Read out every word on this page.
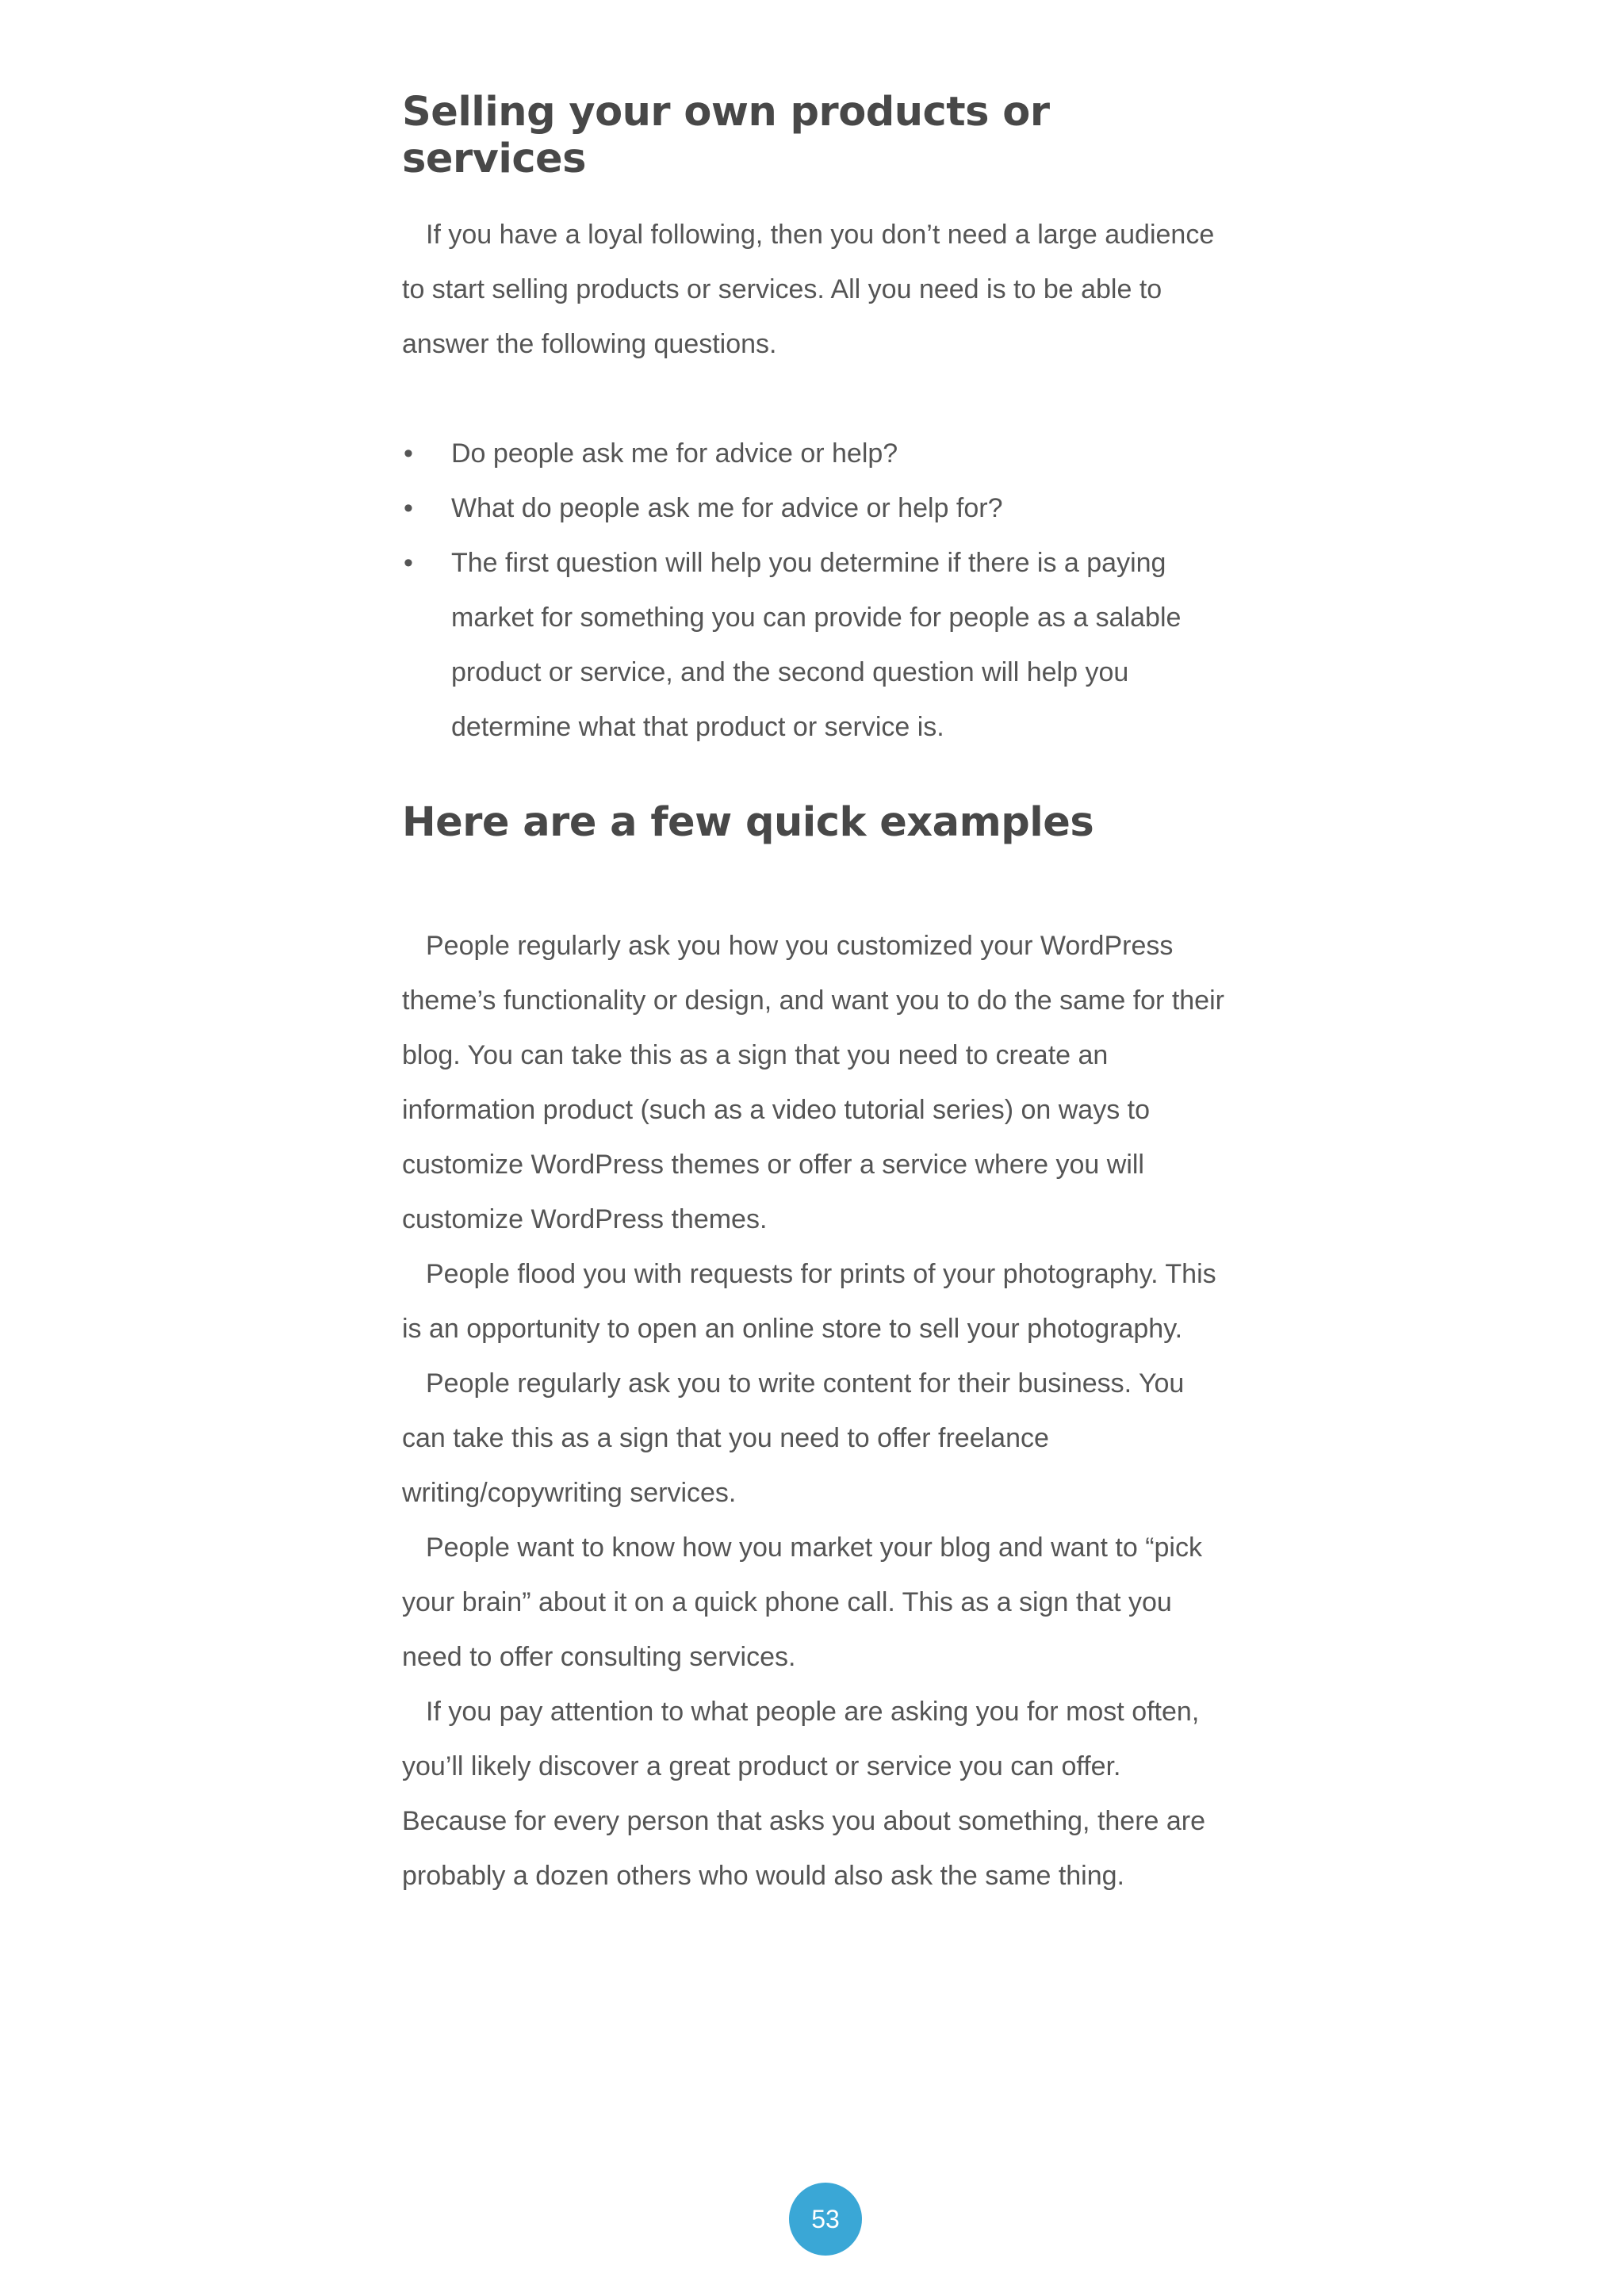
Selling your own products or services

If you have a loyal following, then you don’t need a large audience to start selling products or services. All you need is to be able to answer the following questions.

• Do people ask me for advice or help?
• What do people ask me for advice or help for?
• The first question will help you determine if there is a paying market for something you can provide for people as a salable product or service, and the second question will help you determine what that product or service is.
Here are a few quick examples

People regularly ask you how you customized your WordPress theme’s functionality or design, and want you to do the same for their blog. You can take this as a sign that you need to create an information product (such as a video tutorial series) on ways to customize WordPress themes or offer a service where you will customize WordPress themes.

People flood you with requests for prints of your photography. This is an opportunity to open an online store to sell your photography.

People regularly ask you to write content for their business. You can take this as a sign that you need to offer freelance writing/copywriting services.

People want to know how you market your blog and want to “pick your brain” about it on a quick phone call. This as a sign that you need to offer consulting services.

If you pay attention to what people are asking you for most often, you’ll likely discover a great product or service you can offer. Because for every person that asks you about something, there are probably a dozen others who would also ask the same thing.

53
